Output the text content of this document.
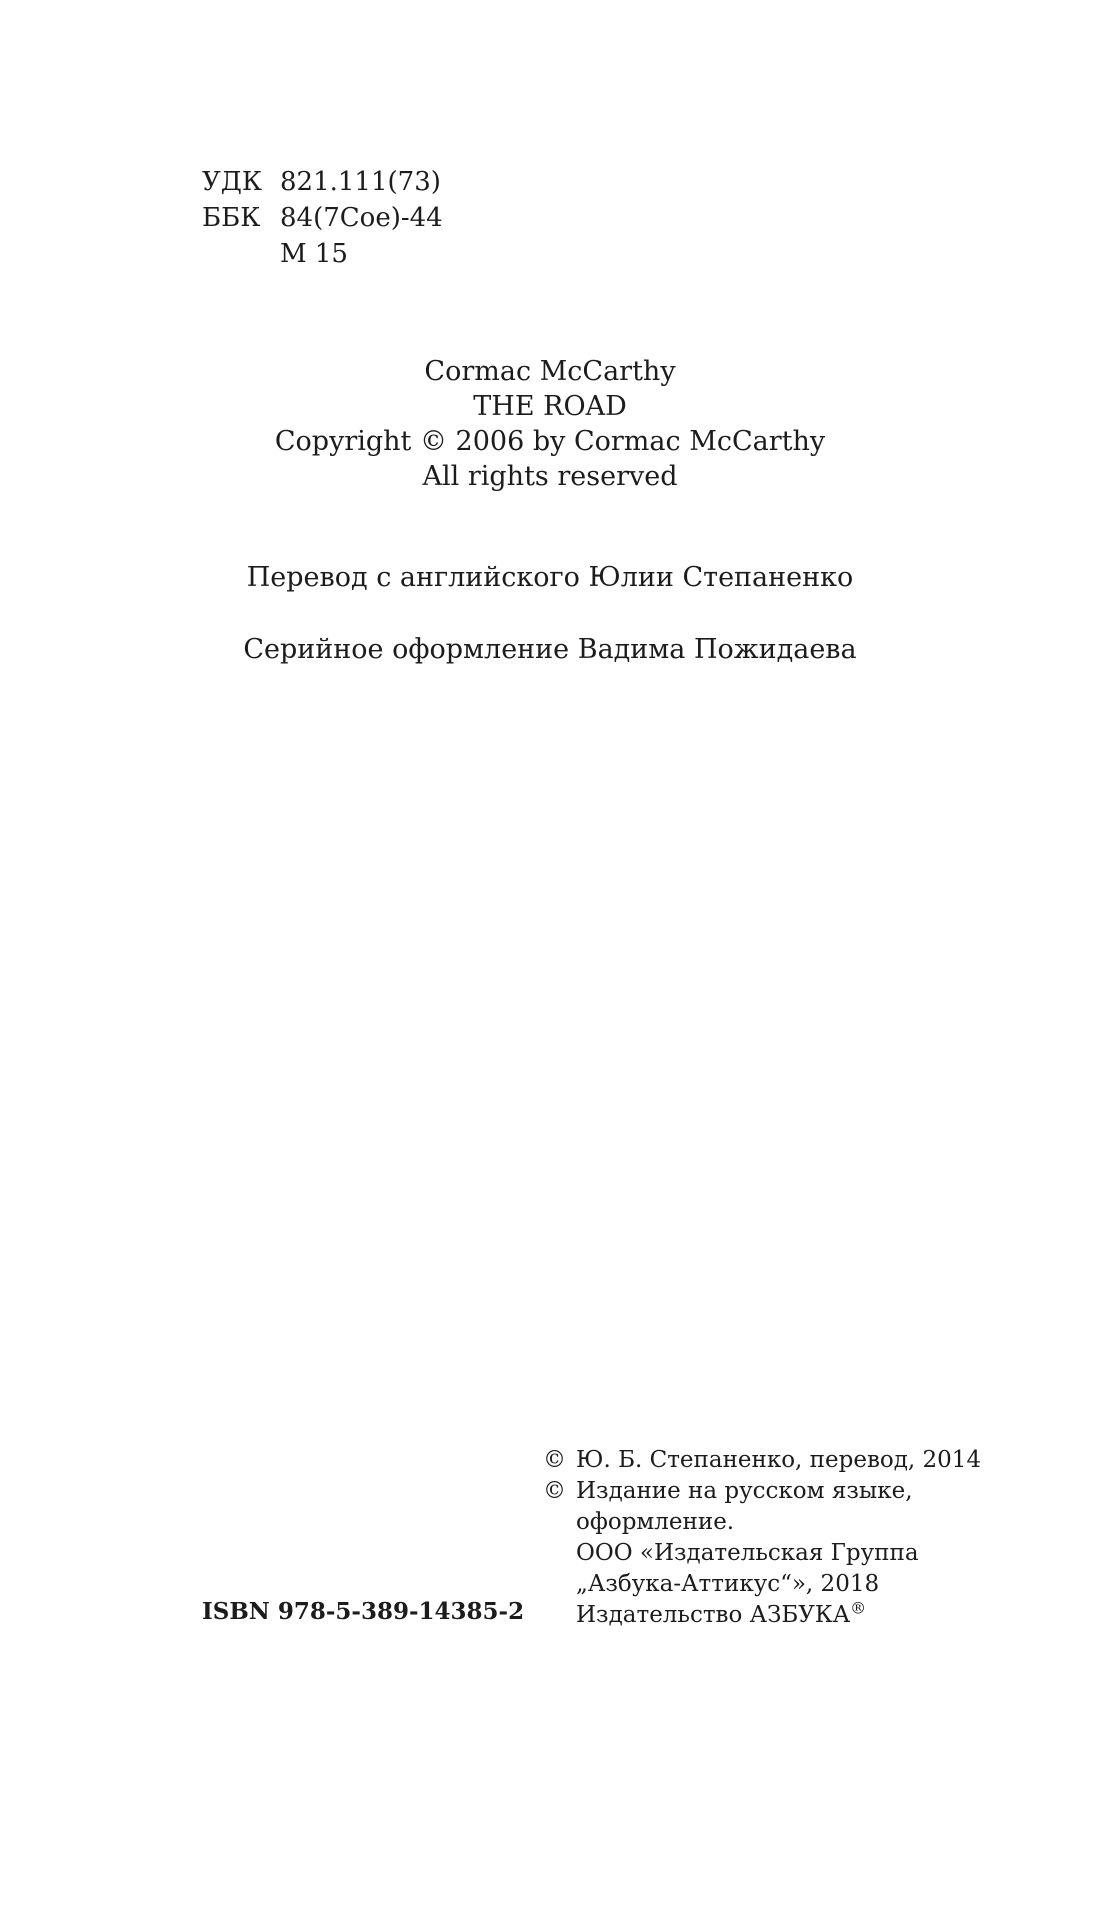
УДК 821.111(73)
ББК 84(7Сое)-44
М 15
Cormac McCarthy
THE ROAD
Copyright © 2006 by Cormac McCarthy
All rights reserved
Перевод с английского Юлии Степаненко
Серийное оформление Вадима Пожидаева
ISBN 978-5-389-14385-2
© Ю. Б. Степаненко, перевод, 2014
© Издание на русском языке,
оформление.
ООО «Издательская Группа
„Азбука-Аттикус“», 2018
Издательство АЗБУКА®
